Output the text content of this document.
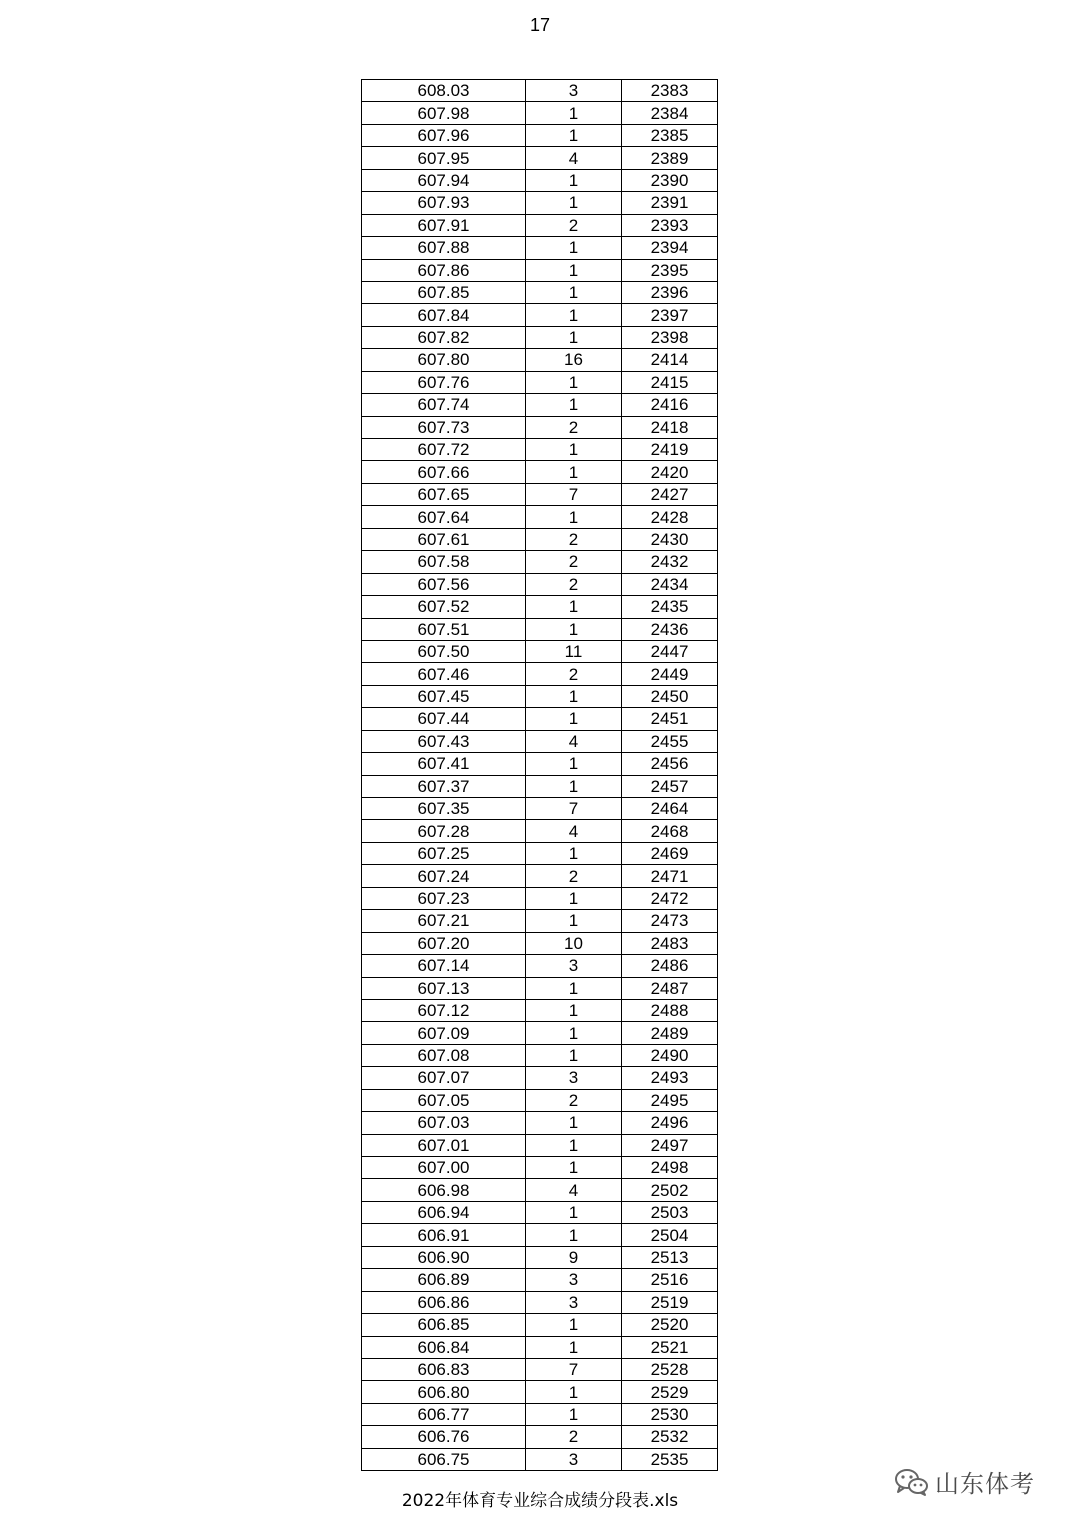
17
608.03	3	2383
607.98	1	2384
607.96	1	2385
607.95	4	2389
607.94	1	2390
607.93	1	2391
607.91	2	2393
607.88	1	2394
607.86	1	2395
607.85	1	2396
607.84	1	2397
607.82	1	2398
607.80	16	2414
607.76	1	2415
607.74	1	2416
607.73	2	2418
607.72	1	2419
607.66	1	2420
607.65	7	2427
607.64	1	2428
607.61	2	2430
607.58	2	2432
607.56	2	2434
607.52	1	2435
607.51	1	2436
607.50	11	2447
607.46	2	2449
607.45	1	2450
607.44	1	2451
607.43	4	2455
607.41	1	2456
607.37	1	2457
607.35	7	2464
607.28	4	2468
607.25	1	2469
607.24	2	2471
607.23	1	2472
607.21	1	2473
607.20	10	2483
607.14	3	2486
607.13	1	2487
607.12	1	2488
607.09	1	2489
607.08	1	2490
607.07	3	2493
607.05	2	2495
607.03	1	2496
607.01	1	2497
607.00	1	2498
606.98	4	2502
606.94	1	2503
606.91	1	2504
606.90	9	2513
606.89	3	2516
606.86	3	2519
606.85	1	2520
606.84	1	2521
606.83	7	2528
606.80	1	2529
606.77	1	2530
606.76	2	2532
606.75	3	2535
山东体考
2022年体育专业综合成绩分段表.xls
